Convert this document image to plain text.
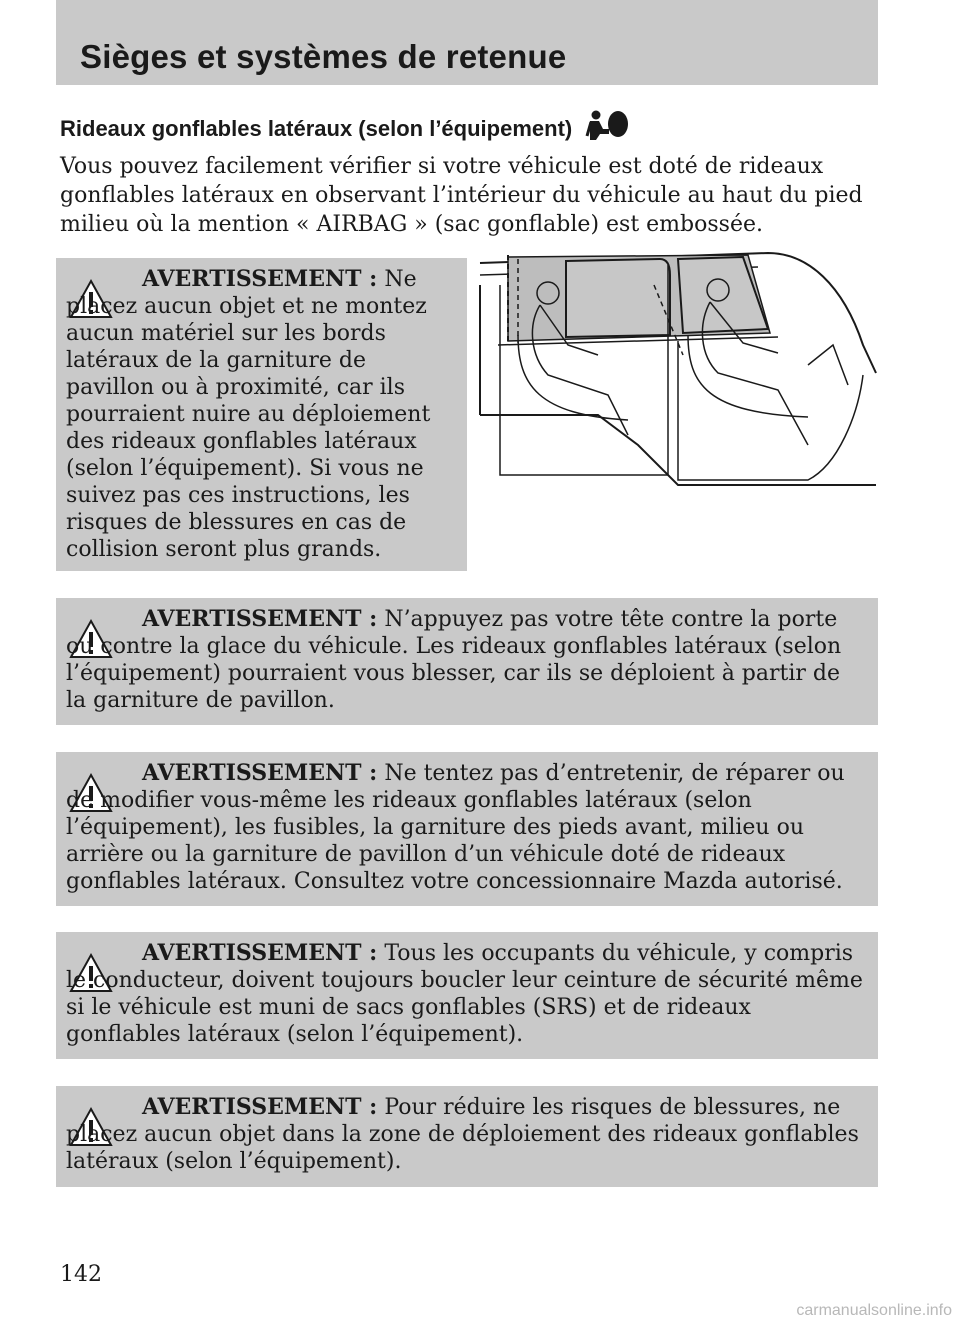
Sièges et systèmes de retenue
Rideaux gonflables latéraux (selon l’équipement)
Vous pouvez facilement vérifier si votre véhicule est doté de rideaux gonflables latéraux en observant l’intérieur du véhicule au haut du pied milieu où la mention « AIRBAG » (sac gonflable) est embossée.
AVERTISSEMENT : Ne placez aucun objet et ne montez aucun matériel sur les bords latéraux de la garniture de pavillon ou à proximité, car ils pourraient nuire au déploiement des rideaux gonflables latéraux (selon l’équipement). Si vous ne suivez pas ces instructions, les risques de blessures en cas de collision seront plus grands.
AVERTISSEMENT : N’appuyez pas votre tête contre la porte ou contre la glace du véhicule. Les rideaux gonflables latéraux (selon l’équipement) pourraient vous blesser, car ils se déploient à partir de la garniture de pavillon.
AVERTISSEMENT : Ne tentez pas d’entretenir, de réparer ou de modifier vous-même les rideaux gonflables latéraux (selon l’équipement), les fusibles, la garniture des pieds avant, milieu ou arrière ou la garniture de pavillon d’un véhicule doté de rideaux gonflables latéraux. Consultez votre concessionnaire Mazda autorisé.
AVERTISSEMENT : Tous les occupants du véhicule, y compris le conducteur, doivent toujours boucler leur ceinture de sécurité même si le véhicule est muni de sacs gonflables (SRS) et de rideaux gonflables latéraux (selon l’équipement).
AVERTISSEMENT : Pour réduire les risques de blessures, ne placez aucun objet dans la zone de déploiement des rideaux gonflables latéraux (selon l’équipement).
142
carmanualsonline.info
